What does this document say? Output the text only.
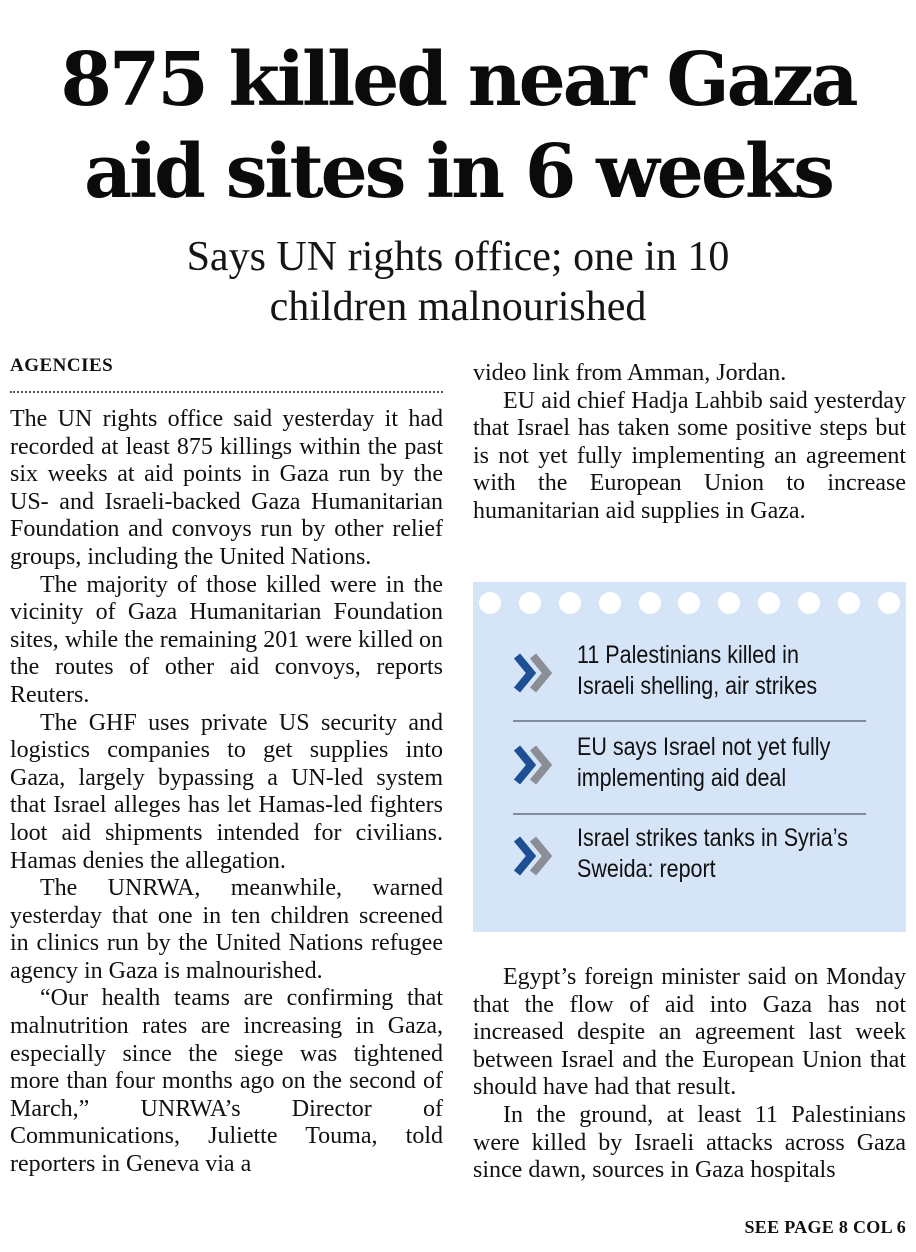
875 killed near Gaza
aid sites in 6 weeks
Says UN rights office; one in 10
children malnourished
AGENCIES

The UN rights office said yesterday it had recorded at least 875 killings within the past six weeks at aid points in Gaza run by the US- and Israeli-backed Gaza Humanitarian Foundation and convoys run by other relief groups, including the United Nations.

The majority of those killed were in the vicinity of Gaza Humanitarian Foundation sites, while the remaining 201 were killed on the routes of other aid convoys, reports Reuters.

The GHF uses private US security and logistics companies to get supplies into Gaza, largely bypassing a UN-led system that Israel alleges has let Hamas-led fighters loot aid shipments intended for civilians. Hamas denies the allegation.

The UNRWA, meanwhile, warned yesterday that one in ten children screened in clinics run by the United Nations refugee agency in Gaza is malnourished.

“Our health teams are confirming that malnutrition rates are increasing in Gaza, especially since the siege was tightened more than four months ago on the second of March,” UNRWA’s Director of Communications, Juliette Touma, told reporters in Geneva via a

video link from Amman, Jordan.

EU aid chief Hadja Lahbib said yesterday that Israel has taken some positive steps but is not yet fully implementing an agreement with the European Union to increase humanitarian aid supplies in Gaza.

11 Palestinians killed in
Israeli shelling, air strikes
EU says Israel not yet fully
implementing aid deal
Israel strikes tanks in Syria’s
Sweida: report

Egypt’s foreign minister said on Monday that the flow of aid into Gaza has not increased despite an agreement last week between Israel and the European Union that should have had that result.

In the ground, at least 11 Palestinians were killed by Israeli attacks across Gaza since dawn, sources in Gaza hospitals

SEE PAGE 8 COL 6
